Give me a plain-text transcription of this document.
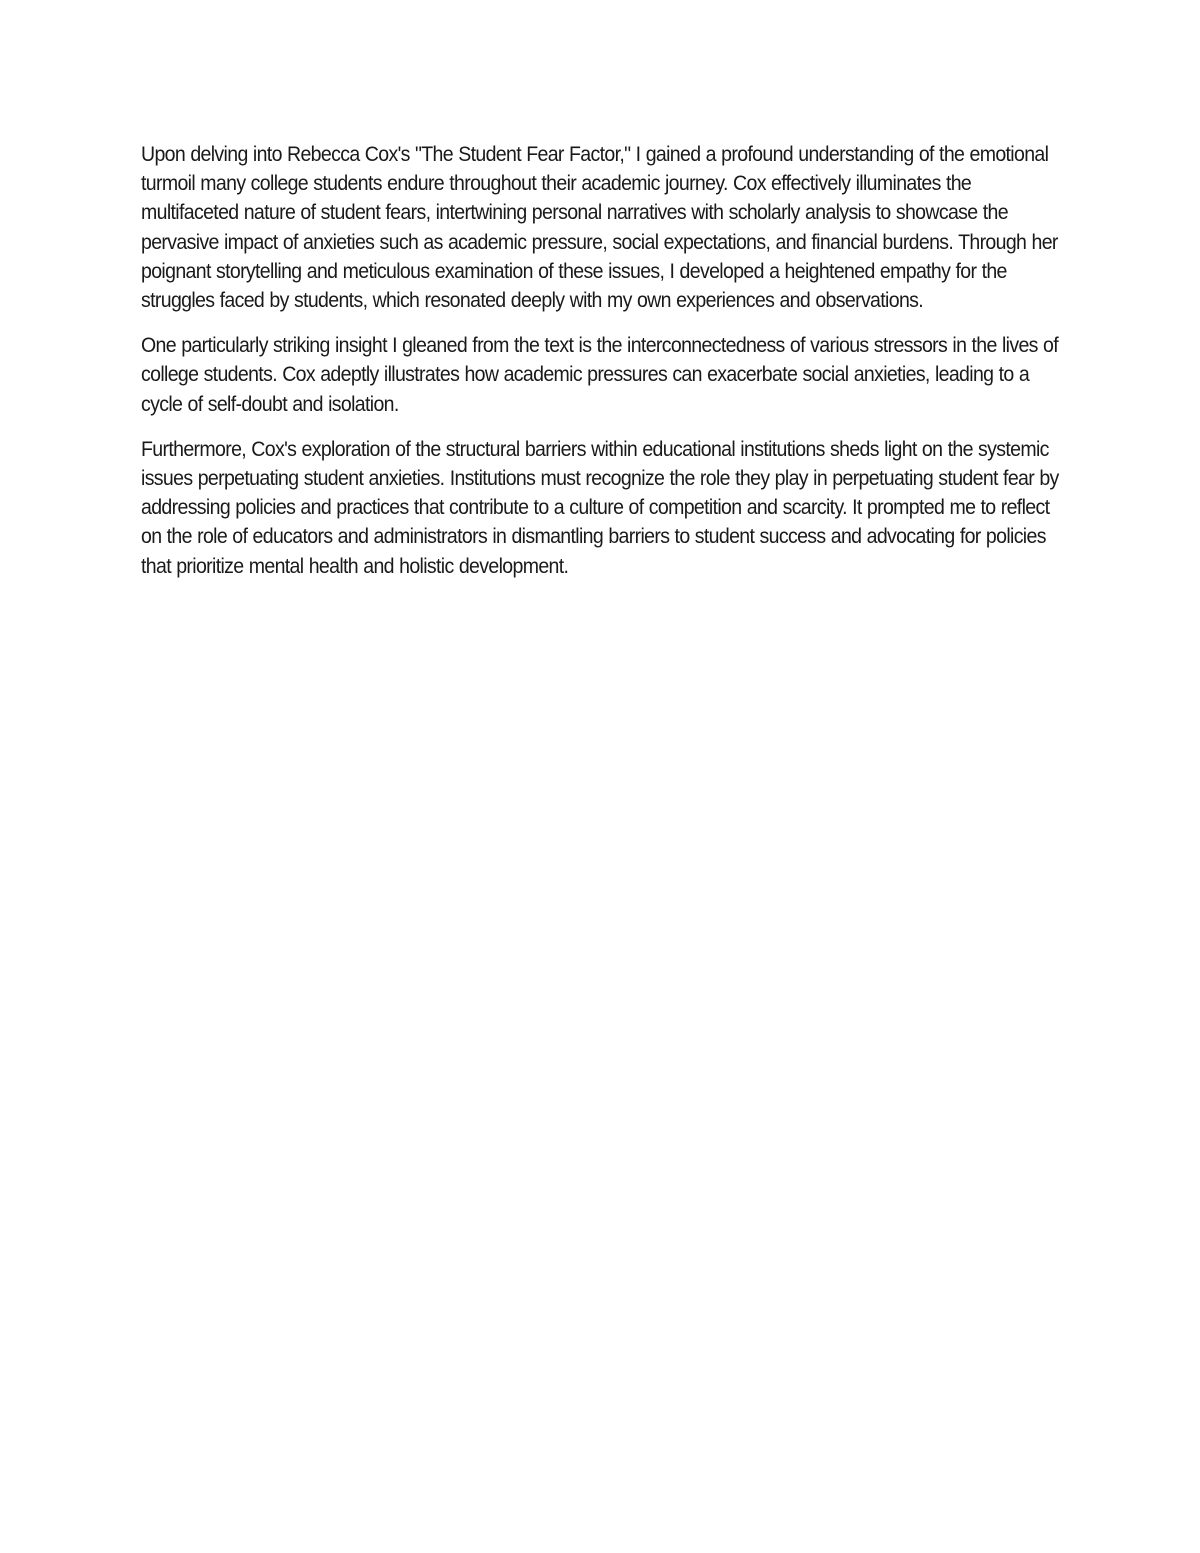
Upon delving into Rebecca Cox's "The Student Fear Factor," I gained a profound understanding of the emotional turmoil many college students endure throughout their academic journey. Cox effectively illuminates the multifaceted nature of student fears, intertwining personal narratives with scholarly analysis to showcase the pervasive impact of anxieties such as academic pressure, social expectations, and financial burdens. Through her poignant storytelling and meticulous examination of these issues, I developed a heightened empathy for the struggles faced by students, which resonated deeply with my own experiences and observations.

One particularly striking insight I gleaned from the text is the interconnectedness of various stressors in the lives of college students. Cox adeptly illustrates how academic pressures can exacerbate social anxieties, leading to a cycle of self-doubt and isolation.

Furthermore, Cox's exploration of the structural barriers within educational institutions sheds light on the systemic issues perpetuating student anxieties. Institutions must recognize the role they play in perpetuating student fear by addressing policies and practices that contribute to a culture of competition and scarcity. It prompted me to reflect on the role of educators and administrators in dismantling barriers to student success and advocating for policies that prioritize mental health and holistic development.
